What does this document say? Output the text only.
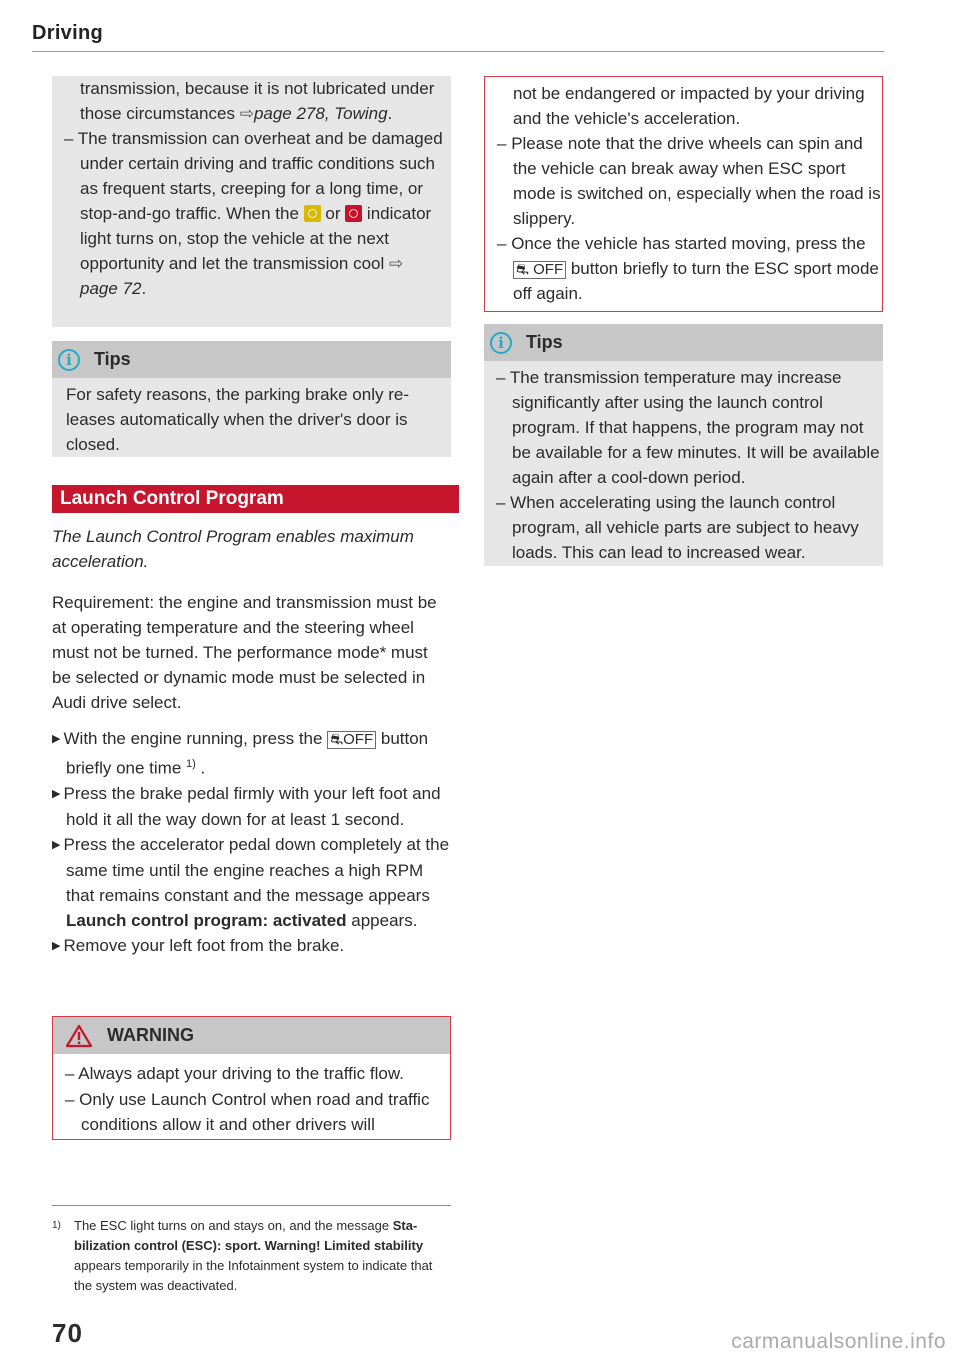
Driving

transmission, because it is not lubricated under those circumstances ⇨page 278, Towing.

– The transmission can overheat and be damaged under certain driving and traffic conditions such as frequent starts, creeping for a long time, or stop-and-go traffic. When the  or  indicator light turns on, stop the vehicle at the next opportunity and let the transmission cool ⇨ page 72.

i	Tips

For safety reasons, the parking brake only releases automatically when the driver's door is closed.

Launch Control Program

The Launch Control Program enables maximum acceleration.

Requirement: the engine and transmission must be at operating temperature and the steering wheel must not be turned. The performance mode* must be selected or dynamic mode must be selected in Audi drive select.

▶ With the engine running, press the ⛐OFF button briefly one time $^{1)}$ .

▶ Press the brake pedal firmly with your left foot and hold it all the way down for at least 1 second.

▶ Press the accelerator pedal down completely at the same time until the engine reaches a high RPM that remains constant and the message appears Launch control program: activated appears.

▶ Remove your left foot from the brake.

WARNING

– Always adapt your driving to the traffic flow.

– Only use Launch Control when road and traffic conditions allow it and other drivers will

not be endangered or impacted by your driving and the vehicle's acceleration.

– Please note that the drive wheels can spin and the vehicle can break away when ESC sport mode is switched on, especially when the road is slippery.

– Once the vehicle has started moving, press the ⛐ OFF button briefly to turn the ESC sport mode off again.

i	Tips

– The transmission temperature may increase significantly after using the launch control program. If that happens, the program may not be available for a few minutes. It will be available again after a cool-down period.

– When accelerating using the launch control program, all vehicle parts are subject to heavy loads. This can lead to increased wear.

1) The ESC light turns on and stays on, and the message Stabilization control (ESC): sport. Warning! Limited stability appears temporarily in the Infotainment system to indicate that the system was deactivated.
70	carmanualsonline.info
